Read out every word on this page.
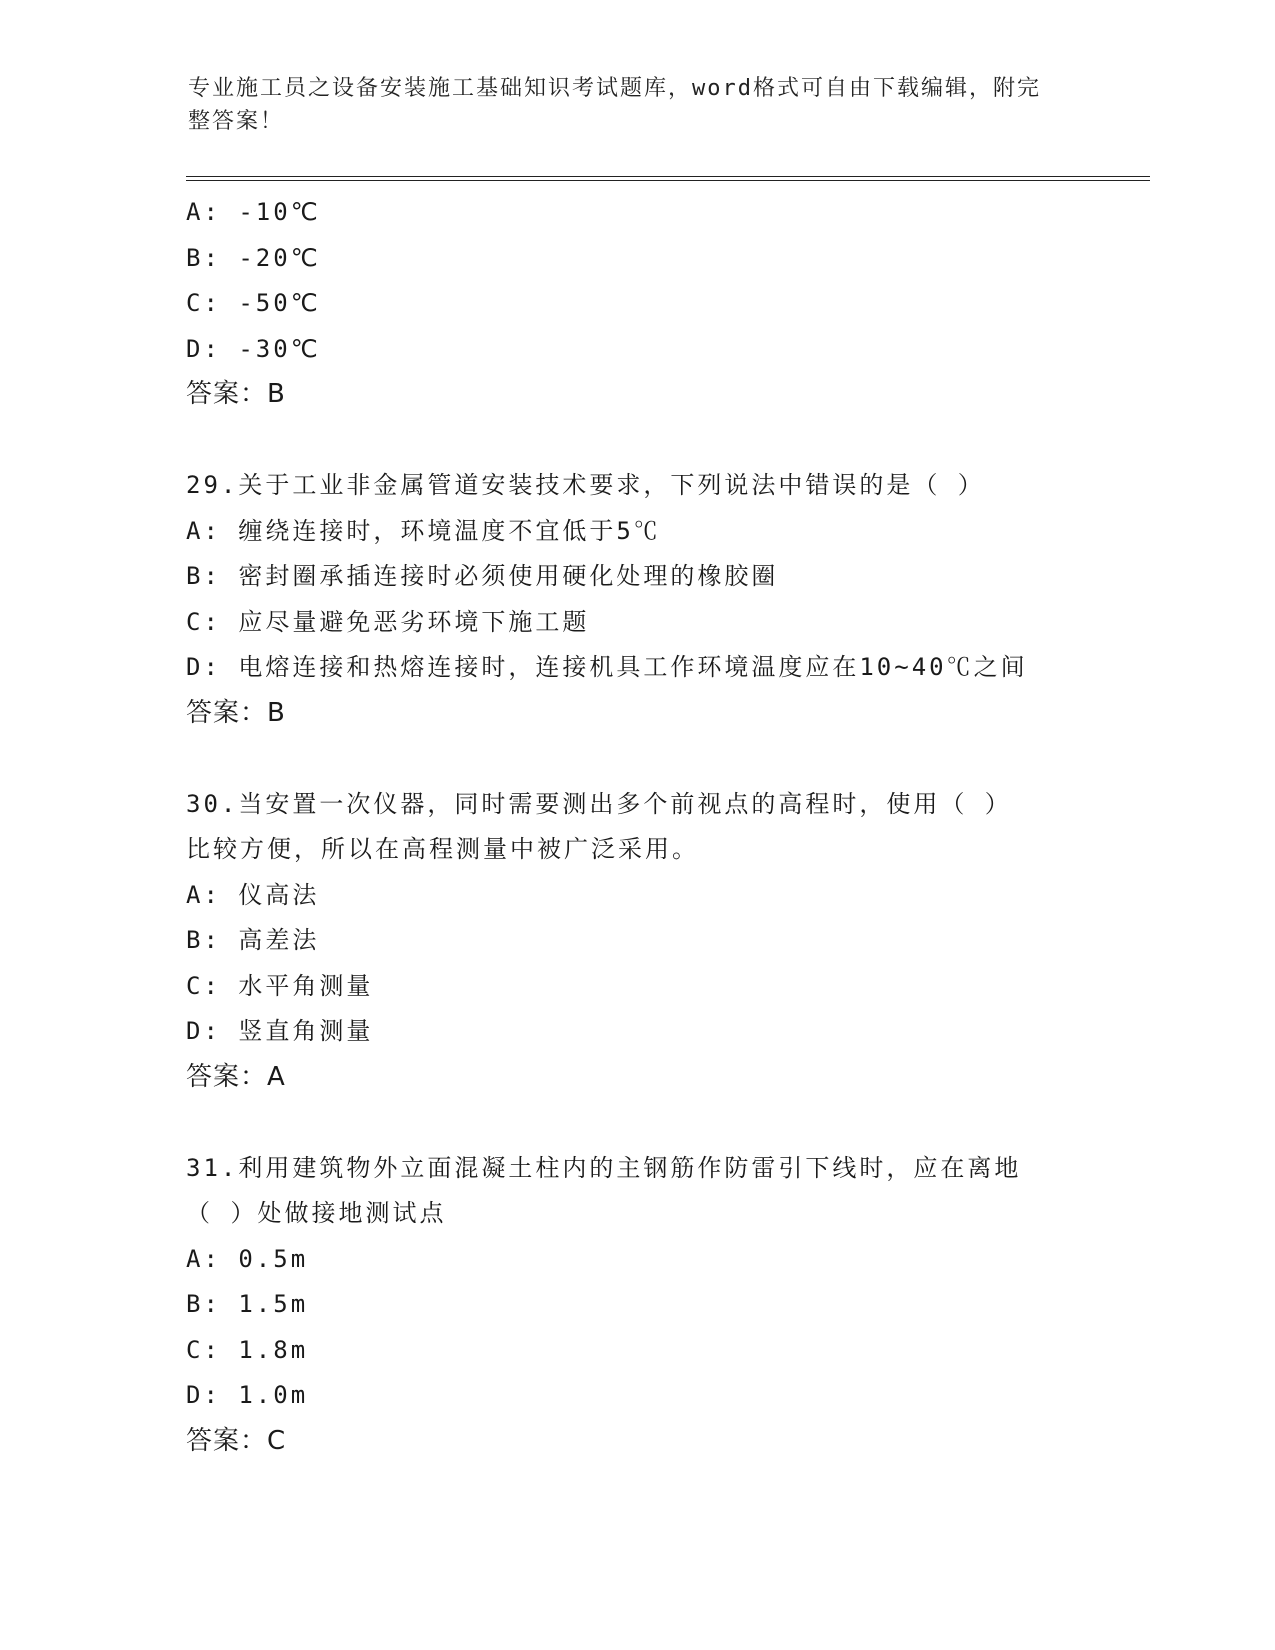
专业施工员之设备安装施工基础知识考试题库，word格式可自由下载编辑，附完
整答案！
A: -10℃
B: -20℃
C: -50℃
D: -30℃
答案：B
29.关于工业非金属管道安装技术要求，下列说法中错误的是（ ）
A: 缠绕连接时，环境温度不宜低于5℃
B: 密封圈承插连接时必须使用硬化处理的橡胶圈
C: 应尽量避免恶劣环境下施工题
D: 电熔连接和热熔连接时，连接机具工作环境温度应在10~40℃之间
答案：B
30.当安置一次仪器，同时需要测出多个前视点的高程时，使用（ ）
比较方便，所以在高程测量中被广泛采用。
A: 仪高法
B: 高差法
C: 水平角测量
D: 竖直角测量
答案：A
31.利用建筑物外立面混凝土柱内的主钢筋作防雷引下线时，应在离地
（ ）处做接地测试点
A: 0.5m
B: 1.5m
C: 1.8m
D: 1.0m
答案：C
